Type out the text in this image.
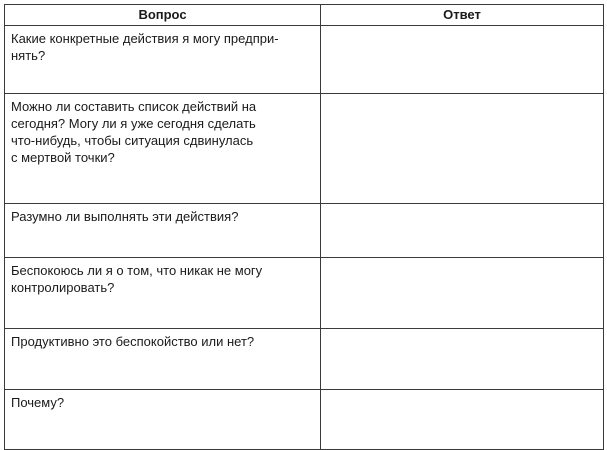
Вопрос	Ответ

Какие конкретные действия я могу предпри-
нять?	

Можно ли составить список действий на
сегодня? Могу ли я уже сегодня сделать
что-нибудь, чтобы ситуация сдвинулась
с мертвой точки?	

Разумно ли выполнять эти действия?	

Беспокоюсь ли я о том, что никак не могу
контролировать?	

Продуктивно это беспокойство или нет?	

Почему?	
